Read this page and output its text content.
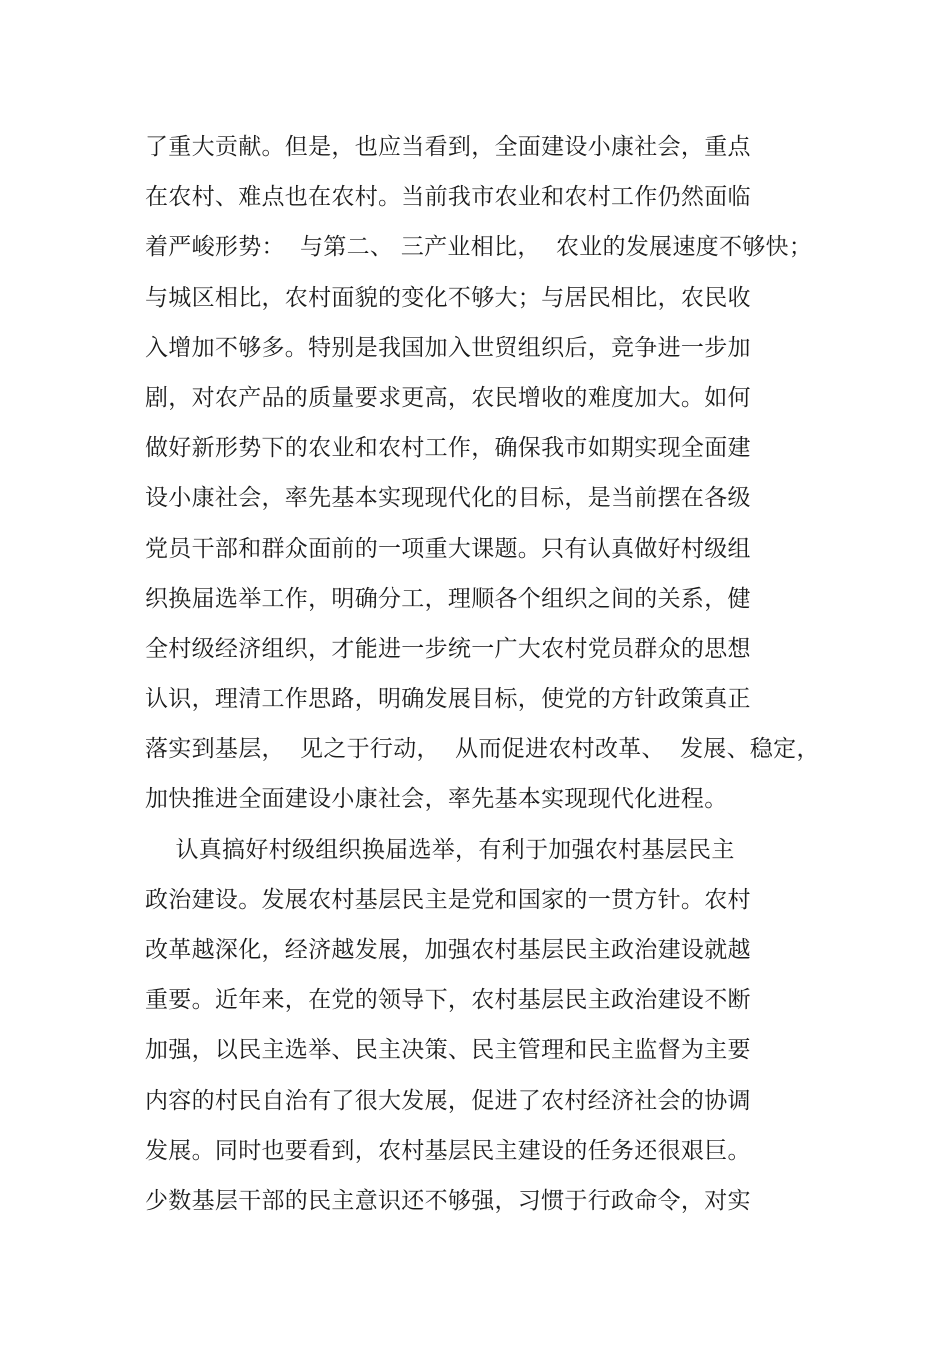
了重大贡献。但是，也应当看到，全面建设小康社会，重点
在农村、难点也在农村。当前我市农业和农村工作仍然面临
着严峻形势：  与第二、 三产业相比，  农业的发展速度不够快；
与城区相比，农村面貌的变化不够大；与居民相比，农民收
入增加不够多。特别是我国加入世贸组织后，竞争进一步加
剧，对农产品的质量要求更高，农民增收的难度加大。如何
做好新形势下的农业和农村工作，确保我市如期实现全面建
设小康社会，率先基本实现现代化的目标，是当前摆在各级
党员干部和群众面前的一项重大课题。只有认真做好村级组
织换届选举工作，明确分工，理顺各个组织之间的关系，健
全村级经济组织，才能进一步统一广大农村党员群众的思想
认识，理清工作思路，明确发展目标，使党的方针政策真正
落实到基层，  见之于行动，  从而促进农村改革、  发展、稳定，
加快推进全面建设小康社会，率先基本实现现代化进程。
认真搞好村级组织换届选举，有利于加强农村基层民主
政治建设。发展农村基层民主是党和国家的一贯方针。农村
改革越深化，经济越发展，加强农村基层民主政治建设就越
重要。近年来，在党的领导下，农村基层民主政治建设不断
加强，以民主选举、民主决策、民主管理和民主监督为主要
内容的村民自治有了很大发展，促进了农村经济社会的协调
发展。同时也要看到，农村基层民主建设的任务还很艰巨。
少数基层干部的民主意识还不够强，习惯于行政命令，对实
